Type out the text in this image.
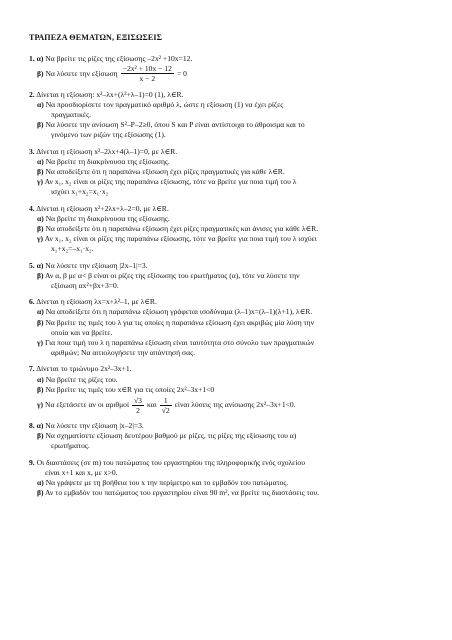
ΤΡΑΠΕΖΑ ΘΕΜΑΤΩΝ, ΕΞΙΣΩΣΕΙΣ
1. α) Να βρείτε τις ρίζες της εξίσωσης –2x² +10x=12.
β)
Να λύσετε την εξίσωση $\frac{\text{−2x² + 10x − 12}}{x - 2} = 0$
2. Δίνεται η εξίσωση: x²–λx+(λ²+λ–1)=0 (1), λ∈R.
α) Να προσδιορίσετε τον πραγματικό αριθμό λ, ώστε η εξίσωση (1) να έχει ρίζες
πραγματικές.
β) Να λύσετε την ανίσωση S²–P–2≥0, όπου S και P είναι αντίστοιχα το άθροισμα και το
γινόμενο των ριζών της εξίσωσης (1).
3. Δίνεται η εξίσωση x²–2λx+4(λ–1)=0, με λ∈R.
α) Να βρείτε τη διακρίνουσα της εξίσωσης.
β) Να αποδείξετε ότι η παραπάνω εξίσωση έχει ρίζες πραγματικές για κάθε λ∈R.
γ) Αν x₁, x₂ είναι οι ρίζες της παραπάνω εξίσωσης, τότε να βρείτε για ποια τιμή του λ
ισχύει x₁+x₂=x₁·x₂
4. Δίνεται η εξίσωση x²+2λx+λ–2=0, με λ∈R.
α) Να βρείτε τη διακρίνουσα της εξίσωσης.
β) Να αποδείξετε ότι η παραπάνω εξίσωση έχει ρίζες πραγματικές και άνισες για κάθε λ∈R.
γ) Αν x₁, x₂ είναι οι ρίζες της παραπάνω εξίσωσης, τότε να βρείτε για ποια τιμή του λ ισχύει
x₁+x₂=–x₁·x₂.
5. α) Να λύσετε την εξίσωση |2x–1|=3.
β) Αν α, β με α< β είναι οι ρίζες της εξίσωσης του ερωτήματος (α), τότε να λύσετε την
εξίσωση αx²+βx+3=0.
6. Δίνεται η εξίσωση λx=x+λ²–1, με λ∈R.
α) Να αποδείξετε ότι η παραπάνω εξίσωση γράφεται ισοδύναμα (λ–1)x=(λ–1)(λ+1), λ∈R.
β) Να βρείτε τις τιμές του λ για τις οποίες η παραπάνω εξίσωση έχει ακριβώς μία λύση την
οποία και να βρείτε.
γ) Για ποια τιμή του λ η παραπάνω εξίσωση είναι ταυτότητα στο σύνολο των πραγματικών
αριθμών; Να αιτιολογήσετε την απάντησή σας.
7. Δίνεται το τριώνυμο 2x²–3x+1.
α) Να βρείτε τις ρίζες του.
β) Να βρείτε τις τιμές του x∈R για τις οποίες 2x²–3x+1<0
γ)
Να εξετάσετε αν οι αριθμοί $\frac{√3}{2}$ και $\frac{1}{√2}$ είναι λύσεις της ανίσωσης 2x²–3x+1<0.
8. α) Να λύσετε την εξίσωση |x–2|=3.
β) Να σχηματίσετε εξίσωση δευτέρου βαθμού με ρίζες, τις ρίζες της εξίσωσης του α)
ερωτήματος.
9. Οι διαστάσεις (σε m) του πατώματος του εργαστηρίου της πληροφορικής ενός σχολείου
είναι x+1 και x, με x>0.
α) Να γράψετε με τη βοήθεια του x την περίμετρο και το εμβαδόν του πατώματος.
β) Αν το εμβαδόν του πατώματος του εργαστηρίου είναι 90 m², να βρείτε τις διαστάσεις του.
